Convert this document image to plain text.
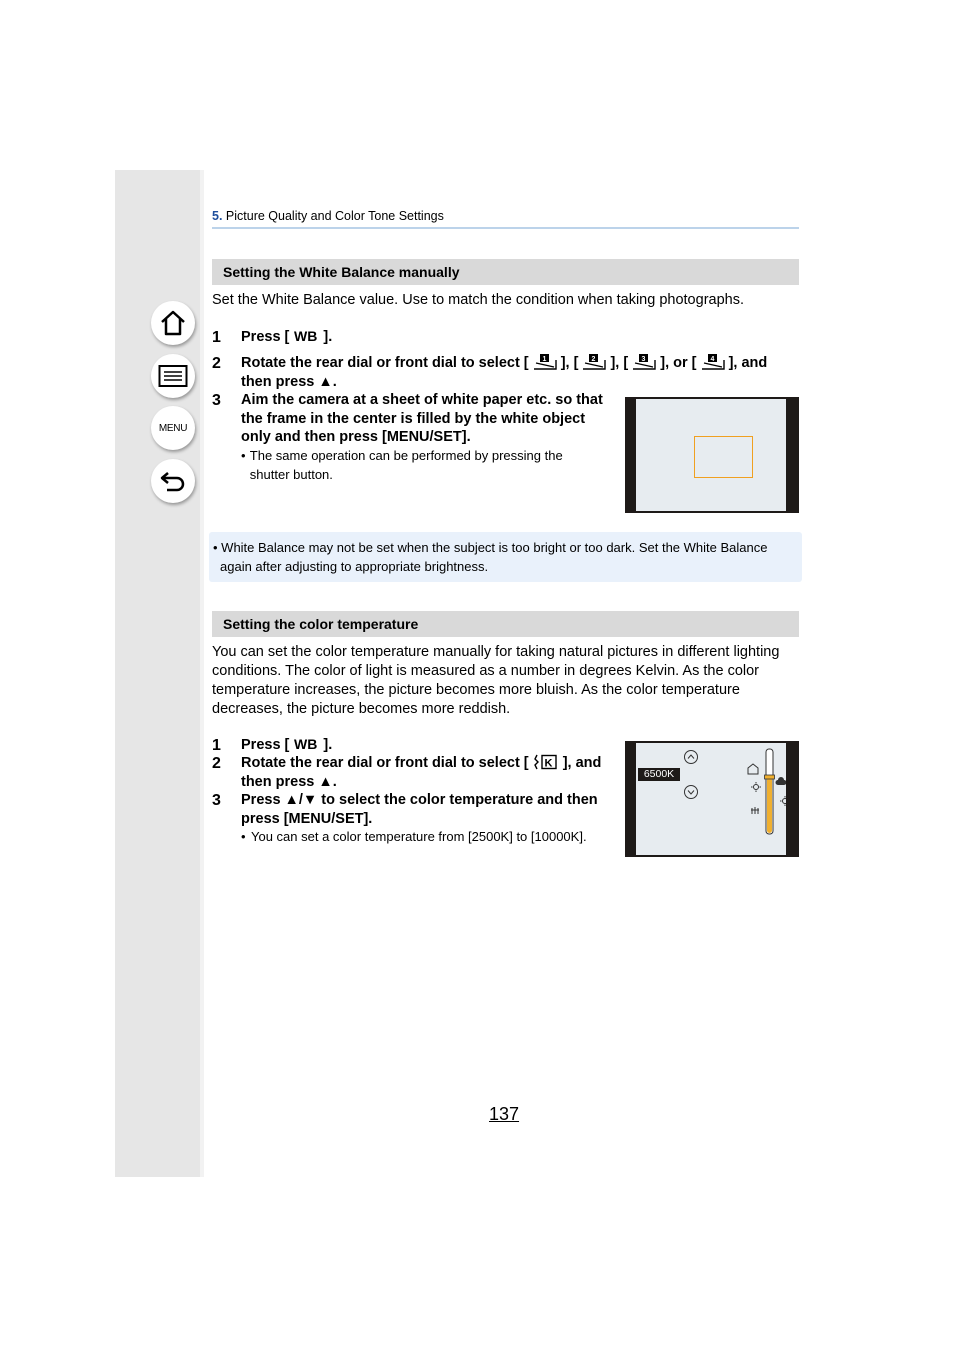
MENU
5. Picture Quality and Color Tone Settings
Setting the White Balance manually
Set the White Balance value. Use to match the condition when taking photographs.
1 Press [ WB ].
2 Rotate the rear dial or front dial to select [ 1 ], [ 2 ], [ 3 ], or [ 4 ], and then press ▲.
3 Aim the camera at a sheet of white paper etc. so that the frame in the center is filled by the white object only and then press [MENU/SET].
• The same operation can be performed by pressing the shutter button.
• White Balance may not be set when the subject is too bright or too dark. Set the White Balance
again after adjusting to appropriate brightness.
Setting the color temperature
You can set the color temperature manually for taking natural pictures in different lighting conditions. The color of light is measured as a number in degrees Kelvin. As the color temperature increases, the picture becomes more bluish. As the color temperature decreases, the picture becomes more reddish.
1 Press [ WB ].
2 Rotate the rear dial or front dial to select [ K ], and then press ▲.
3 Press ▲/▼ to select the color temperature and then press [MENU/SET].
• You can set a color temperature from [2500K] to [10000K].
6500K
137
